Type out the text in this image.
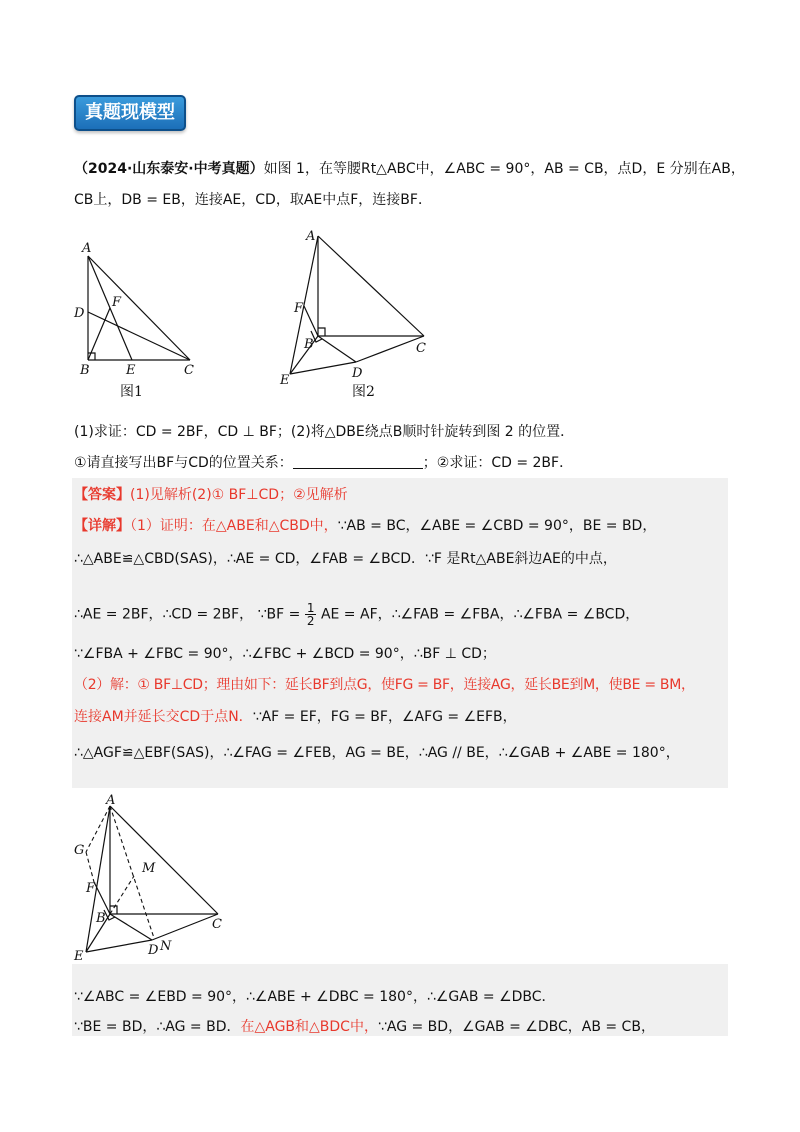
真题现模型
（2024·山东泰安·中考真题）如图 1，在等腰Rt△ABC中，∠ABC = 90°，AB = CB，点D，E 分别在AB，
CB上，DB = EB，连接AE，CD，取AE中点F，连接BF．
A
D
F
B	E	C
图1
A
F
B
E	D
C
图2
(1)求证：CD = 2BF，CD ⊥ BF；(2)将△DBE绕点B顺时针旋转到图 2 的位置．
①请直接写出BF与CD的位置关系：	；②求证：CD = 2BF．
【答案】(1)见解析(2)① BF⊥CD；②见解析
【详解】（1）证明：在△ABE和△CBD中，∵AB = BC，∠ABE = ∠CBD = 90°，BE = BD，
∴△ABE≌△CBD(SAS)，∴AE = CD，∠FAB = ∠BCD．∵F 是Rt△ABE斜边AE的中点，
∴AE = 2BF，∴CD = 2BF， ∵BF = $\frac{1}{2}$ AE = AF，∴∠FAB = ∠FBA，∴∠FBA = ∠BCD，
∵∠FBA + ∠FBC = 90°，∴∠FBC + ∠BCD = 90°，∴BF ⊥ CD；
（2）解：① BF⊥CD；理由如下：延长BF到点G，使FG = BF，连接AG，延长BE到M，使BE = BM，
连接AM并延长交CD于点N．∵AF = EF，FG = BF，∠AFG = ∠EFB，
∴△AGF≌△EBF(SAS)，∴∠FAG = ∠FEB，AG = BE，∴AG // BE，∴∠GAB + ∠ABE = 180°，
A
G
M
F
B
E	D N
C
∵∠ABC = ∠EBD = 90°，∴∠ABE + ∠DBC = 180°，∴∠GAB = ∠DBC．
∵BE = BD，∴AG = BD．在△AGB和△BDC中，∵AG = BD，∠GAB = ∠DBC，AB = CB，
